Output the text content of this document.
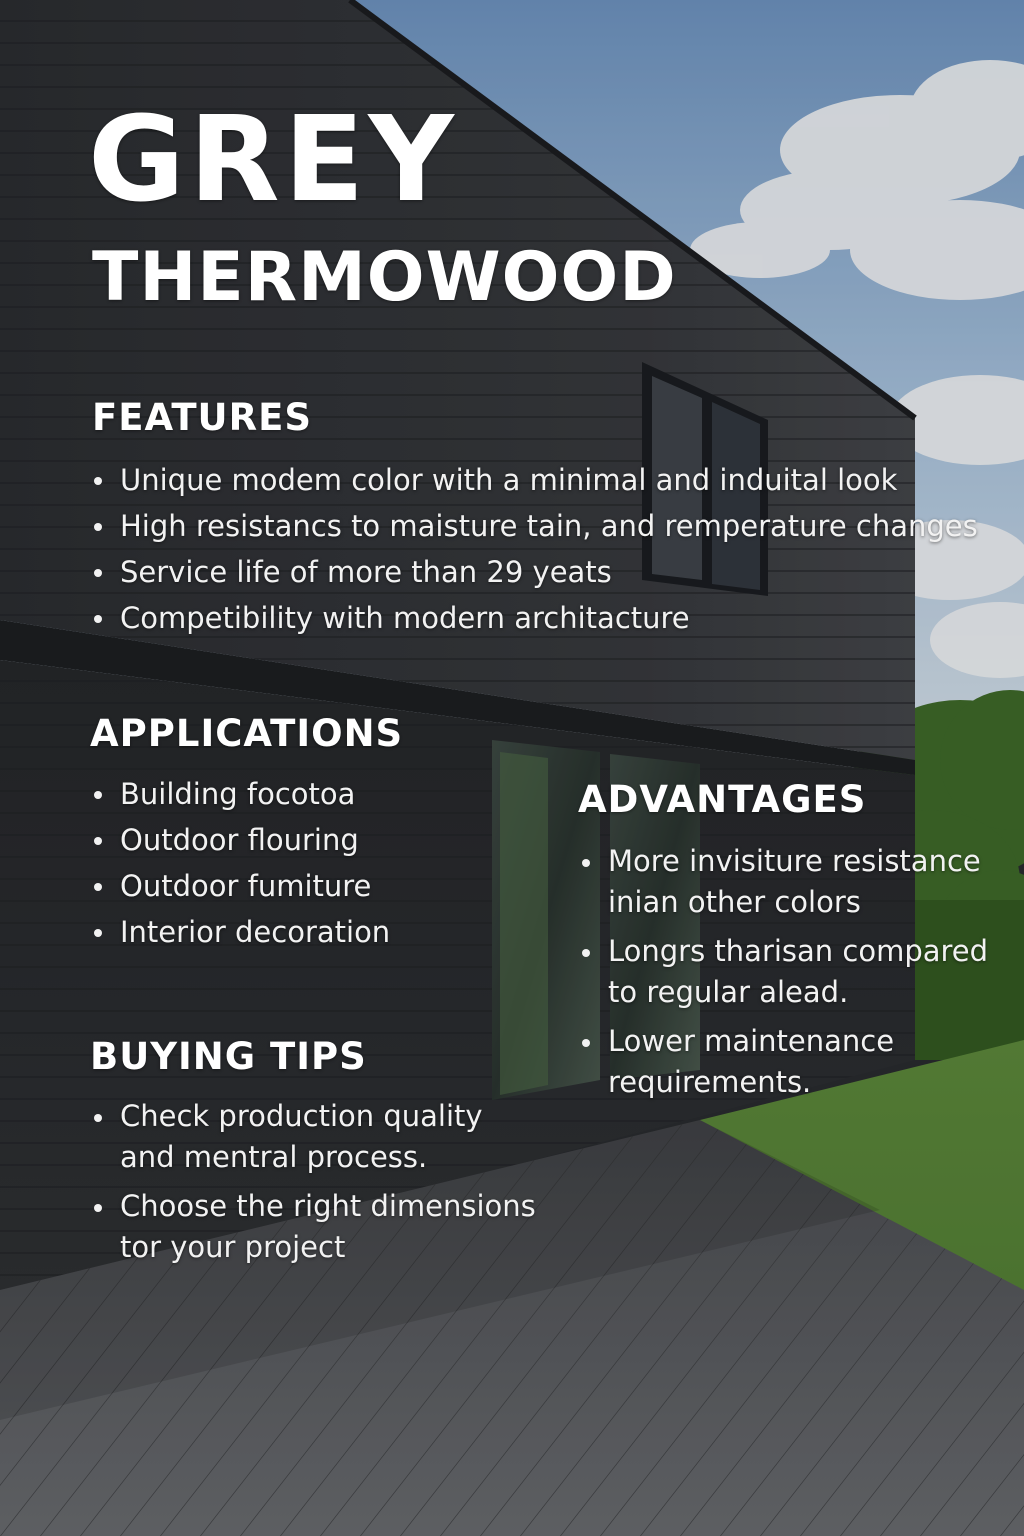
GREY
THERMOWOOD
FEATURES
Unique modem color with a minimal and induital look
High resistancs to maisture tain, and remperature changes
Service life of more than 29 yeats
Competibility with modern architacture
APPLICATIONS
Building focotoa
Outdoor flouring
Outdoor fumiture
Interior decoration
ADVANTAGES
More invisiture resistance
inian other colors
Longrs tharisan compared
to regular alead.
Lower maintenance
requirements.
BUYING TIPS
Check production quality
and mentral process.
Choose the right dimensions
tor your project
